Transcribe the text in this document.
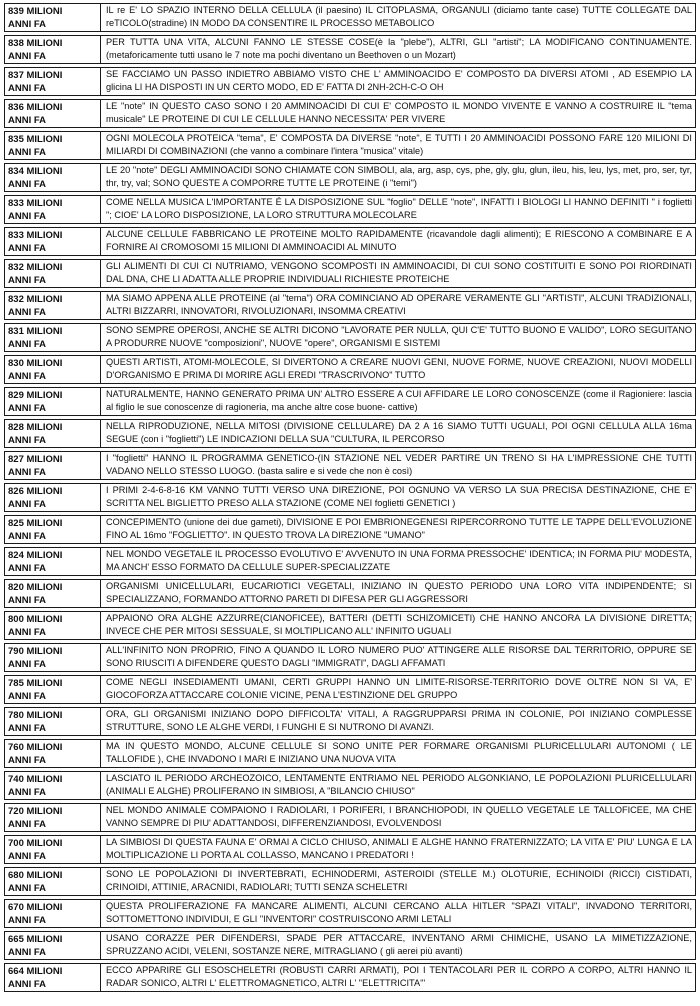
839 MILIONI
ANNI FA
IL re E' LO SPAZIO INTERNO DELLA CELLULA (il paesino) IL CITOPLASMA, ORGANULI (diciamo tante case) TUTTE COLLEGATE DAL reTICOLO(stradine) IN MODO DA CONSENTIRE IL PROCESSO METABOLICO
838 MILIONI
ANNI FA
PER TUTTA UNA VITA, ALCUNI FANNO LE STESSE COSE(è la "plebe"), ALTRI, GLI "artisti"; LA MODIFICANO CONTINUAMENTE. (metaforicamente tutti usano le 7 note ma pochi diventano un Beethoven o un Mozart)
837 MILIONI
ANNI FA
SE FACCIAMO UN PASSO INDIETRO ABBIAMO VISTO CHE L' AMMINOACIDO E' COMPOSTO DA DIVERSI ATOMI , AD ESEMPIO LA glicina LI HA DISPOSTI IN UN CERTO MODO, ED E' FATTA DI 2NH-2CH-C-O OH
836 MILIONI
ANNI FA
LE "note" IN QUESTO CASO SONO I 20 AMMINOACIDI DI CUI E' COMPOSTO IL MONDO VIVENTE E VANNO A COSTRUIRE IL "tema musicale" LE PROTEINE DI CUI LE CELLULE HANNO NECESSITA' PER VIVERE
835 MILIONI
ANNI FA
OGNI MOLECOLA PROTEICA "tema", E' COMPOSTA DA DIVERSE "note", E TUTTI I 20 AMMINOACIDI POSSONO FARE 120 MILIONI DI MILIARDI DI COMBINAZIONI (che vanno a combinare l'intera "musica" vitale)
834 MILIONI
ANNI FA
LE 20 "note" DEGLI AMMINOACIDI SONO CHIAMATE CON SIMBOLI, ala, arg, asp, cys, phe, gly, glu, glun, ileu, his, leu, lys, met, pro, ser, tyr, thr, try, val; SONO QUESTE A COMPORRE TUTTE LE PROTEINE (i "temi")
833 MILIONI
ANNI FA
COME NELLA MUSICA L'IMPORTANTE É LA DISPOSIZIONE SUL "foglio" DELLE "note", INFATTI I BIOLOGI LI HANNO DEFINITI " i foglietti "; CIOE' LA LORO DISPOSIZIONE, LA LORO STRUTTURA MOLECOLARE
833 MILIONI
ANNI FA
ALCUNE CELLULE FABBRICANO LE PROTEINE MOLTO RAPIDAMENTE (ricavandole dagli alimenti); E RIESCONO A COMBINARE E A FORNIRE AI CROMOSOMI 15 MILIONI DI AMMINOACIDI AL MINUTO
832 MILIONI
ANNI FA
GLI ALIMENTI DI CUI CI NUTRIAMO, VENGONO SCOMPOSTI IN AMMINOACIDI, DI CUI SONO COSTITUITI E SONO POI RIORDINATI DAL DNA, CHE LI ADATTA ALLE PROPRIE INDIVIDUALI RICHIESTE PROTEICHE
832 MILIONI
ANNI FA
MA SIAMO APPENA ALLE PROTEINE (al "tema") ORA COMINCIANO AD OPERARE VERAMENTE GLI "ARTISTI", ALCUNI TRADIZIONALI, ALTRI BIZZARRI, INNOVATORI, RIVOLUZIONARI, INSOMMA CREATIVI
831 MILIONI
ANNI FA
SONO SEMPRE OPEROSI, ANCHE SE ALTRI DICONO "LAVORATE PER NULLA, QUI C'E' TUTTO BUONO E VALIDO", LORO SEGUITANO A PRODURRE NUOVE "composizioni", NUOVE "opere", ORGANISMI E SISTEMI
830 MILIONI
ANNI FA
QUESTI ARTISTI, ATOMI-MOLECOLE, SI DIVERTONO A CREARE NUOVI GENI, NUOVE FORME, NUOVE CREAZIONI, NUOVI MODELLI D'ORGANISMO E PRIMA DI MORIRE AGLI EREDI "TRASCRIVONO" TUTTO
829 MILIONI
ANNI FA
NATURALMENTE, HANNO GENERATO PRIMA UN' ALTRO ESSERE A CUI AFFIDARE LE LORO CONOSCENZE (come il Ragioniere: lascia al figlio le sue conoscenze di ragioneria, ma anche altre cose buone- cattive)
828 MILIONI
ANNI FA
NELLA RIPRODUZIONE, NELLA MITOSI (DIVISIONE CELLULARE) DA 2 A 16 SIAMO TUTTI UGUALI, POI OGNI CELLULA ALLA 16ma SEGUE (con i "foglietti") LE INDICAZIONI DELLA SUA "CULTURA, IL PERCORSO
827 MILIONI
ANNI FA
I "foglietti" HANNO IL PROGRAMMA GENETICO-(IN STAZIONE NEL VEDER PARTIRE UN TRENO SI HA L'IMPRESSIONE CHE TUTTI VADANO NELLO STESSO LUOGO. (basta salire e si vede che non è così)
826 MILIONI
ANNI FA
I PRIMI 2-4-6-8-16 KM VANNO TUTTI VERSO UNA DIREZIONE, POI OGNUNO VA VERSO LA SUA PRECISA DESTINAZIONE, CHE E' SCRITTA NEL BIGLIETTO PRESO ALLA STAZIONE (COME NEI foglietti GENETICI )
825 MILIONI
ANNI FA
CONCEPIMENTO (unione dei due gameti), DIVISIONE E POI EMBRIONEGENESI RIPERCORRONO TUTTE LE TAPPE DELL'EVOLUZIONE FINO AL 16mo "FOGLIETTO". IN QUESTO TROVA LA DIREZIONE "UMANO"
824 MILIONI
ANNI FA
NEL MONDO VEGETALE IL PROCESSO EVOLUTIVO E' AVVENUTO IN UNA FORMA PRESSOCHE' IDENTICA; IN FORMA PIU' MODESTA, MA ANCH' ESSO FORMATO DA CELLULE SUPER-SPECIALIZZATE
820 MILIONI
ANNI FA
ORGANISMI UNICELLULARI, EUCARIOTICI VEGETALI, INIZIANO IN QUESTO PERIODO UNA LORO VITA INDIPENDENTE; SI SPECIALIZZANO, FORMANDO ATTORNO PARETI DI DIFESA PER GLI AGGRESSORI
800 MILIONI
ANNI FA
APPAIONO ORA ALGHE AZZURRE(CIANOFICEE), BATTERI (DETTI SCHIZOMICETI) CHE HANNO ANCORA LA DIVISIONE DIRETTA; INVECE CHE PER MITOSI SESSUALE, SI MOLTIPLICANO ALL' INFINITO UGUALI
790 MILIONI
ANNI FA
ALL'INFINITO NON PROPRIO, FINO A QUANDO IL LORO NUMERO PUO' ATTINGERE ALLE RISORSE DAL TERRITORIO, OPPURE SE SONO RIUSCITI A DIFENDERE QUESTO DAGLI "IMMIGRATI", DAGLI AFFAMATI
785 MILIONI
ANNI FA
COME NEGLI INSEDIAMENTI UMANI, CERTI GRUPPI HANNO UN LIMITE-RISORSE-TERRITORIO DOVE OLTRE NON SI VA, E' GIOCOFORZA ATTACCARE COLONIE VICINE, PENA L'ESTINZIONE DEL GRUPPO
780 MILIONI
ANNI FA
ORA, GLI ORGANISMI INIZIANO DOPO DIFFICOLTA' VITALI, A RAGGRUPPARSI PRIMA IN COLONIE, POI INIZIANO COMPLESSE STRUTTURE, SONO LE ALGHE VERDI, I FUNGHI E SI NUTRONO DI AVANZI.
760 MILIONI
ANNI FA
MA IN QUESTO MONDO, ALCUNE CELLULE SI SONO UNITE PER FORMARE ORGANISMI PLURICELLULARI AUTONOMI ( LE TALLOFIDE ), CHE INVADONO I MARI E INIZIANO UNA NUOVA VITA
740 MILIONI
ANNI FA
LASCIATO IL PERIODO ARCHEOZOICO, LENTAMENTE ENTRIAMO NEL PERIODO ALGONKIANO, LE POPOLAZIONI PLURICELLULARI (ANIMALI E ALGHE) PROLIFERANO IN SIMBIOSI, A "BILANCIO CHIUSO"
720 MILIONI
ANNI FA
NEL MONDO ANIMALE COMPAIONO I RADIOLARI, I PORIFERI, I BRANCHIOPODI, IN QUELLO VEGETALE LE TALLOFICEE, MA CHE VANNO SEMPRE DI PIU' ADATTANDOSI, DIFFERENZIANDOSI, EVOLVENDOSI
700 MILIONI
ANNI FA
LA SIMBIOSI DI QUESTA FAUNA E' ORMAI A CICLO CHIUSO, ANIMALI E ALGHE HANNO FRATERNIZZATO; LA VITA E' PIU' LUNGA E LA MOLTIPLICAZIONE LI PORTA AL COLLASSO, MANCANO I PREDATORI !
680 MILIONI
ANNI FA
SONO LE POPOLAZIONI DI INVERTEBRATI, ECHINODERMI, ASTEROIDI (STELLE M.) OLOTURIE, ECHINOIDI (RICCI) CISTIDATI, CRINOIDI, ATTINIE, ARACNIDI, RADIOLARI; TUTTI SENZA SCHELETRI
670 MILIONI
ANNI FA
QUESTA PROLIFERAZIONE FA MANCARE ALIMENTI, ALCUNI CERCANO ALLA HITLER "SPAZI VITALI", INVADONO TERRITORI, SOTTOMETTONO INDIVIDUI, E GLI "INVENTORI" COSTRUISCONO ARMI LETALI
665 MILIONI
ANNI FA
USANO CORAZZE PER DIFENDERSI, SPADE PER ATTACCARE, INVENTANO ARMI CHIMICHE, USANO LA MIMETIZZAZIONE, SPRUZZANO ACIDI, VELENI, SOSTANZE NERE, MITRAGLIANO ( gli aerei più avanti)
664 MILIONI
ANNI FA
ECCO APPARIRE GLI ESOSCHELETRI (ROBUSTI CARRI ARMATI), POI I TENTACOLARI PER IL CORPO A CORPO, ALTRI HANNO IL RADAR SONICO, ALTRI L' ELETTROMAGNETICO, ALTRI L' "ELETTRICITA'"
